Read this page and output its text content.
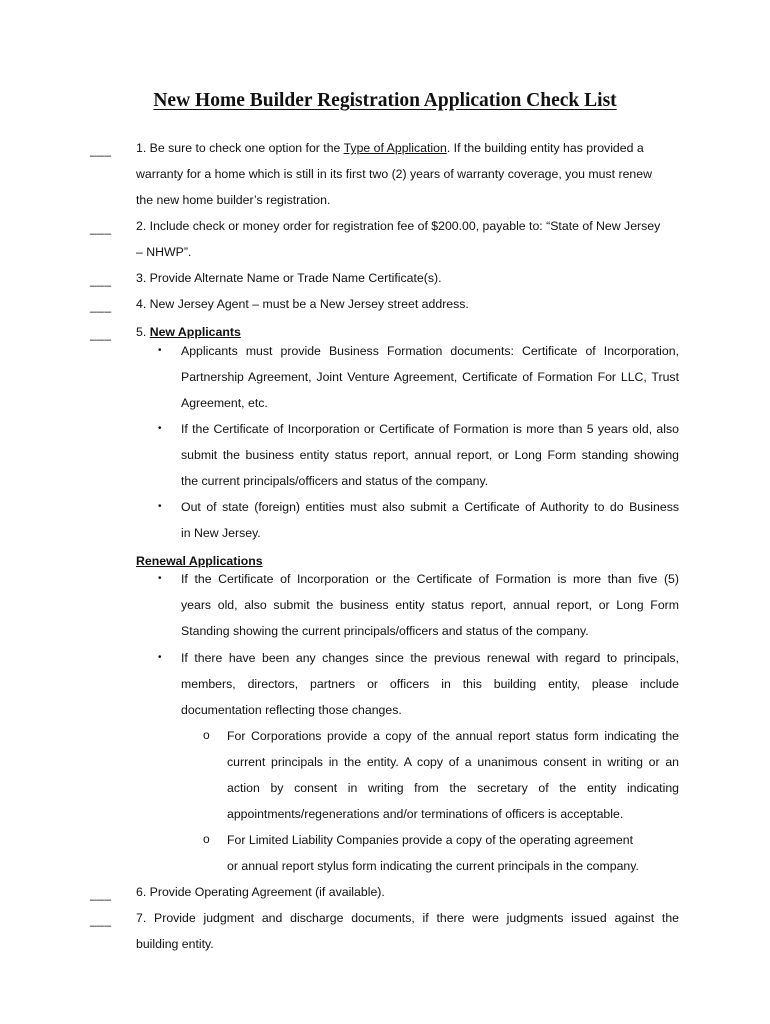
New Home Builder Registration Application Check List
___ 1. Be sure to check one option for the Type of Application. If the building entity has provided a
warranty for a home which is still in its first two (2) years of warranty coverage, you must renew
the new home builder’s registration.
___ 2. Include check or money order for registration fee of $200.00, payable to: “State of New Jersey
– NHWP”.
___ 3. Provide Alternate Name or Trade Name Certificate(s).
___ 4. New Jersey Agent – must be a New Jersey street address.
___ 5. New Applicants
• Applicants must provide Business Formation documents: Certificate of Incorporation,
Partnership Agreement, Joint Venture Agreement, Certificate of Formation For LLC, Trust
Agreement, etc.
• If the Certificate of Incorporation or Certificate of Formation is more than 5 years old, also
submit the business entity status report, annual report, or Long Form standing showing
the current principals/officers and status of the company.
• Out of state (foreign) entities must also submit a Certificate of Authority to do Business
in New Jersey.
Renewal Applications
• If the Certificate of Incorporation or the Certificate of Formation is more than five (5)
years old, also submit the business entity status report, annual report, or Long Form
Standing showing the current principals/officers and status of the company.
• If there have been any changes since the previous renewal with regard to principals,
members, directors, partners or officers in this building entity, please include
documentation reflecting those changes.
o For Corporations provide a copy of the annual report status form indicating the
current principals in the entity. A copy of a unanimous consent in writing or an
action by consent in writing from the secretary of the entity indicating
appointments/regenerations and/or terminations of officers is acceptable.
o For Limited Liability Companies provide a copy of the operating agreement
or annual report stylus form indicating the current principals in the company.
___ 6. Provide Operating Agreement (if available).
___ 7. Provide judgment and discharge documents, if there were judgments issued against the
building entity.
